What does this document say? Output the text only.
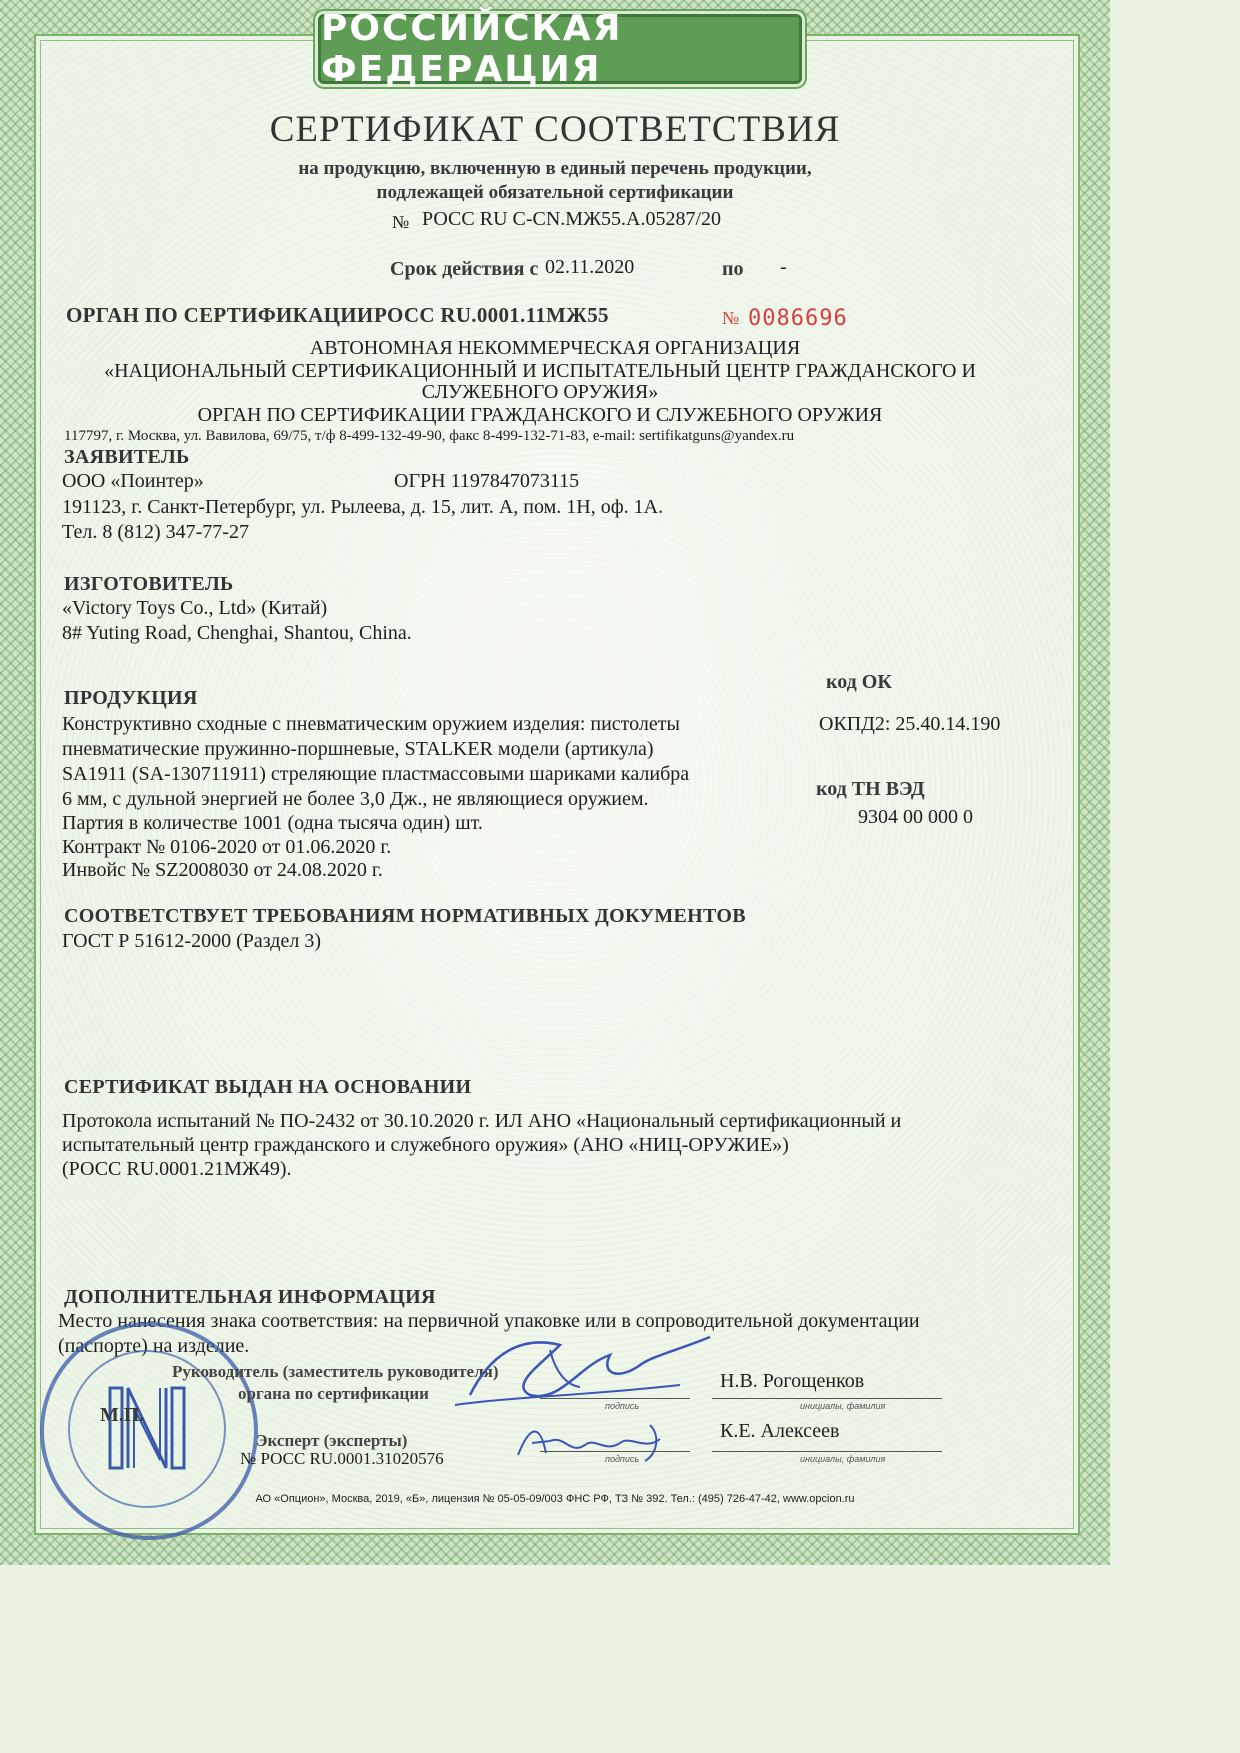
РОССИЙСКАЯ ФЕДЕРАЦИЯ
СЕРТИФИКАТ СООТВЕТСТВИЯ
на продукцию, включенную в единый перечень продукции,
подлежащей обязательной сертификации
№ РОСС RU С-CN.МЖ55.А.05287/20
Срок действия с 02.11.2020	по -
ОРГАН ПО СЕРТИФИКАЦИИ РОСС RU.0001.11МЖ55	№ 0086696
АВТОНОМНАЯ НЕКОММЕРЧЕСКАЯ ОРГАНИЗАЦИЯ
«НАЦИОНАЛЬНЫЙ СЕРТИФИКАЦИОННЫЙ И ИСПЫТАТЕЛЬНЫЙ ЦЕНТР ГРАЖДАНСКОГО И
СЛУЖЕБНОГО ОРУЖИЯ»
ОРГАН ПО СЕРТИФИКАЦИИ ГРАЖДАНСКОГО И СЛУЖЕБНОГО ОРУЖИЯ
117797, г. Москва, ул. Вавилова, 69/75, т/ф 8-499-132-49-90, факс 8-499-132-71-83, e-mail: sertifikatguns@yandex.ru
ЗАЯВИТЕЛЬ
ООО «Поинтер»	ОГРН 1197847073115
191123, г. Санкт-Петербург, ул. Рылеева, д. 15, лит. А, пом. 1Н, оф. 1А.
Тел. 8 (812) 347-77-27
ИЗГОТОВИТЕЛЬ
«Victory Toys Co., Ltd» (Китай)
8# Yuting Road, Chenghai, Shantou, China.
ПРОДУКЦИЯ
код ОК
ОКПД2: 25.40.14.190
код ТН ВЭД
9304 00 000 0
Конструктивно сходные с пневматическим оружием изделия: пистолеты
пневматические пружинно-поршневые, STALKER модели (артикула)
SA1911 (SA-130711911) стреляющие пластмассовыми шариками калибра
6 мм, с дульной энергией не более 3,0 Дж., не являющиеся оружием.
Партия в количестве 1001 (одна тысяча один) шт.
Контракт № 0106-2020 от 01.06.2020 г.
Инвойс № SZ2008030 от 24.08.2020 г.
СООТВЕТСТВУЕТ ТРЕБОВАНИЯМ НОРМАТИВНЫХ ДОКУМЕНТОВ
ГОСТ Р 51612-2000 (Раздел 3)
СЕРТИФИКАТ ВЫДАН НА ОСНОВАНИИ
Протокола испытаний № ПО-2432 от 30.10.2020 г. ИЛ АНО «Национальный сертификационный и
испытательный центр гражданского и служебного оружия» (АНО «НИЦ-ОРУЖИЕ»)
(РОСС RU.0001.21МЖ49).
ДОПОЛНИТЕЛЬНАЯ ИНФОРМАЦИЯ
Место нанесения знака соответствия: на первичной упаковке или в сопроводительной документации
(паспорте) на изделие.
Руководитель (заместитель руководителя)
органа по сертификации
М.П.	подпись
Н.В. Рогощенков
инициалы, фамилия
Эксперт (эксперты)
№ РОСС RU.0001.31020576	подпись
К.Е. Алексеев
инициалы, фамилия
АО «Опцион», Москва, 2019, «Б», лицензия № 05-05-09/003 ФНС РФ, ТЗ № 392. Тел.: (495) 726-47-42, www.opcion.ru
